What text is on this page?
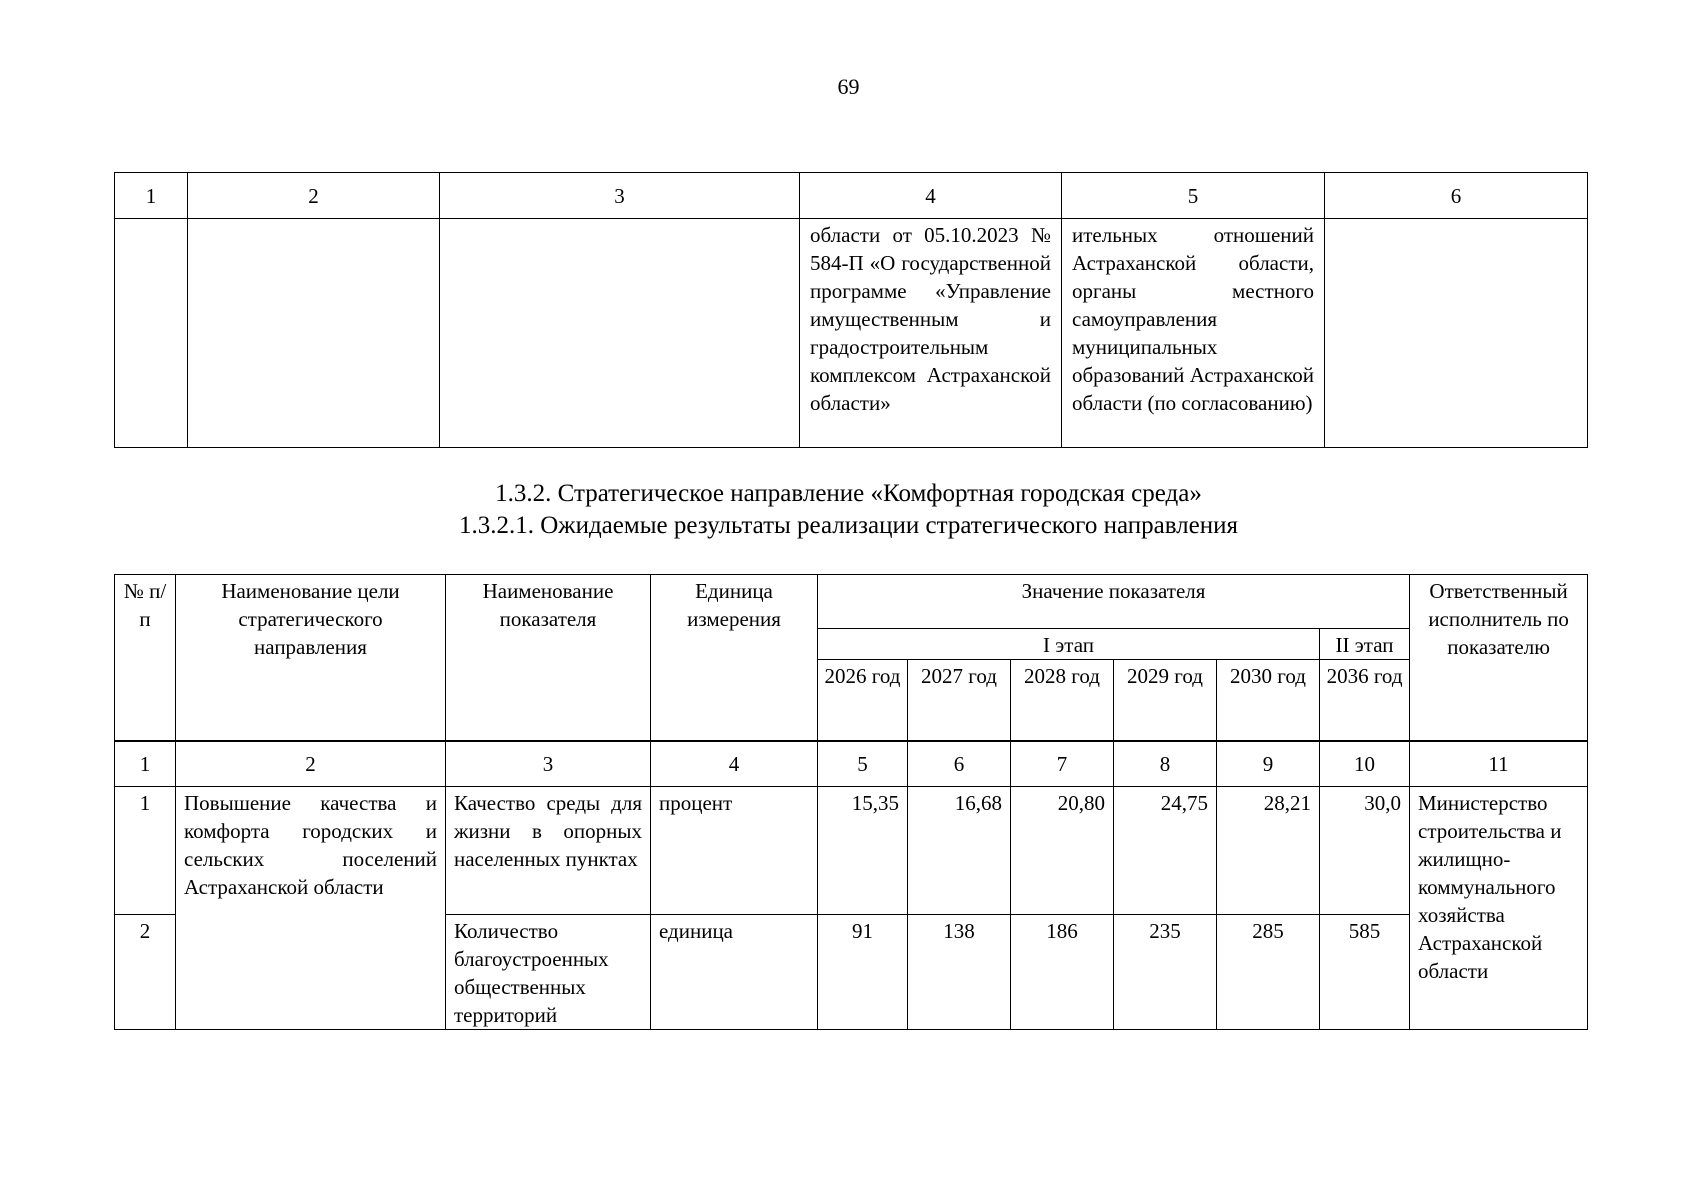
69
1	2	3	4	5	6
			области от 05.10.2023 № 584-П «О государственной программе «Управление имущественным и градостроительным комплексом Астраханской области»	ительных отношений Астраханской области, органы местного самоуправления муниципальных образований Астраханской области (по согласованию)	
1.3.2. Стратегическое направление «Комфортная городская среда»
1.3.2.1. Ожидаемые результаты реализации стратегического направления
№ п/п	Наименование цели стратегического направления	Наименование показателя	Единица измерения	Значение показателя						Ответственный исполнитель по показателю
				I этап					II этап	
				2026 год	2027 год	2028 год	2029 год	2030 год	2036 год	
1	2	3	4	5	6	7	8	9	10	11
1	Повышение качества и комфорта городских и сельских поселений Астраханской области	Качество среды для жизни в опорных населенных пунктах	процент	15,35	16,68	20,80	24,75	28,21	30,0	Министерство строительства и жилищно-коммунального хозяйства Астраханской области
2		Количество благоустроенных общественных территорий	единица	91	138	186	235	285	585	
